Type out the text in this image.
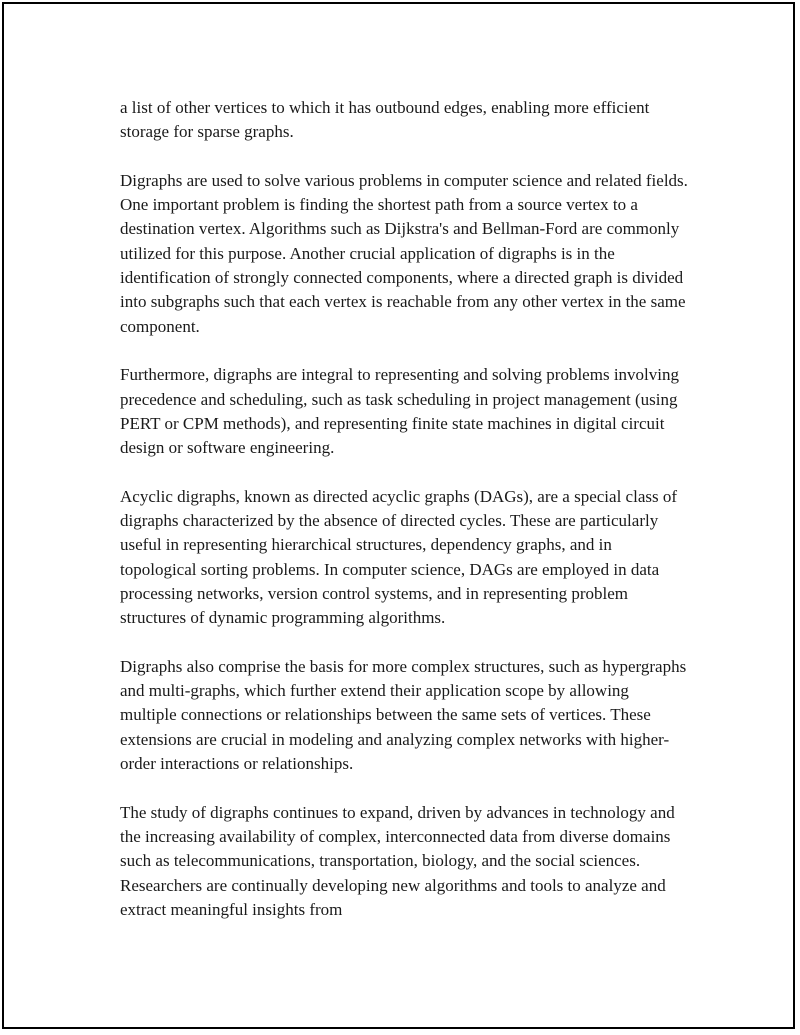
a list of other vertices to which it has outbound edges, enabling more efficient storage for sparse graphs.

Digraphs are used to solve various problems in computer science and related fields. One important problem is finding the shortest path from a source vertex to a destination vertex. Algorithms such as Dijkstra's and Bellman-Ford are commonly utilized for this purpose. Another crucial application of digraphs is in the identification of strongly connected components, where a directed graph is divided into subgraphs such that each vertex is reachable from any other vertex in the same component.

Furthermore, digraphs are integral to representing and solving problems involving precedence and scheduling, such as task scheduling in project management (using PERT or CPM methods), and representing finite state machines in digital circuit design or software engineering.

Acyclic digraphs, known as directed acyclic graphs (DAGs), are a special class of digraphs characterized by the absence of directed cycles. These are particularly useful in representing hierarchical structures, dependency graphs, and in topological sorting problems. In computer science, DAGs are employed in data processing networks, version control systems, and in representing problem structures of dynamic programming algorithms.

Digraphs also comprise the basis for more complex structures, such as hypergraphs and multi-graphs, which further extend their application scope by allowing multiple connections or relationships between the same sets of vertices. These extensions are crucial in modeling and analyzing complex networks with higher-order interactions or relationships.

The study of digraphs continues to expand, driven by advances in technology and the increasing availability of complex, interconnected data from diverse domains such as telecommunications, transportation, biology, and the social sciences. Researchers are continually developing new algorithms and tools to analyze and extract meaningful insights from
